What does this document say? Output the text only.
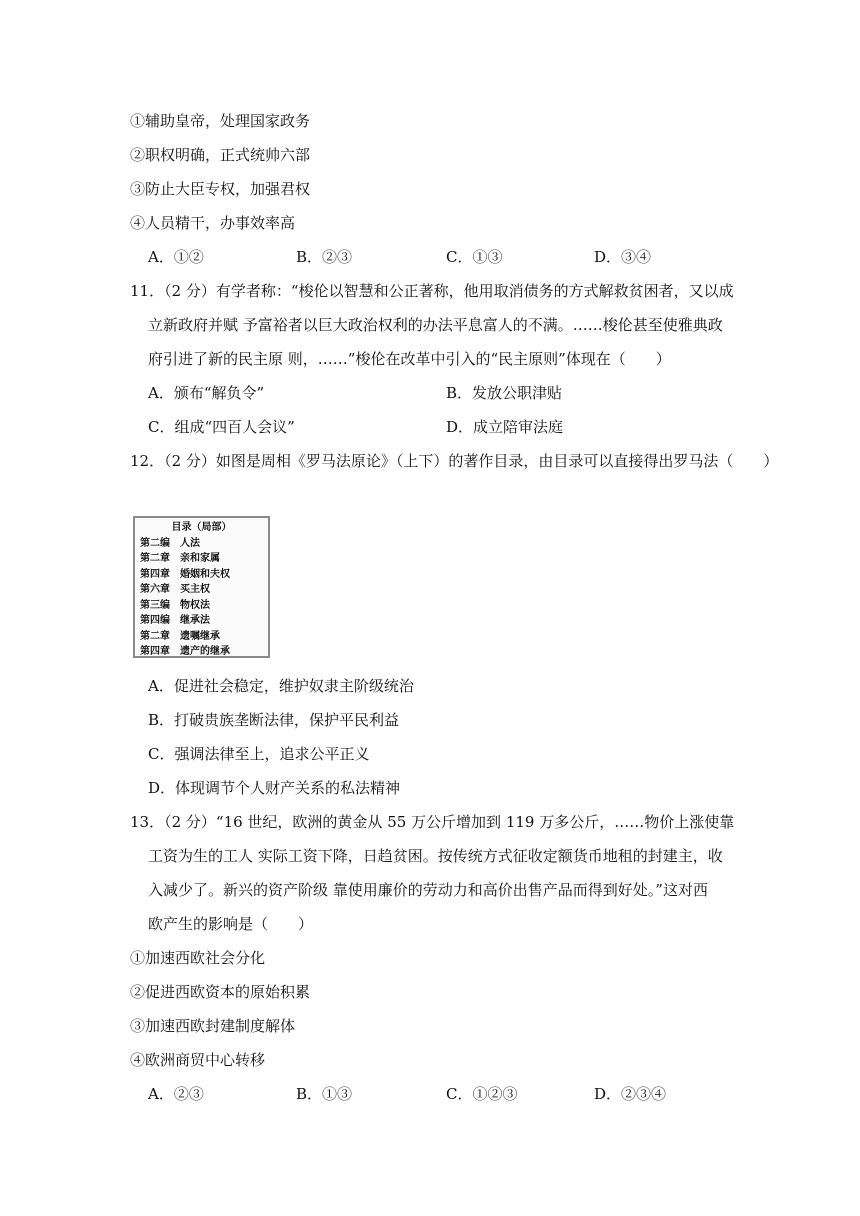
①辅助皇帝，处理国家政务
②职权明确，正式统帅六部
③防止大臣专权，加强君权
④人员精干，办事效率高
A．①②	B．②③	C．①③	D．③④
11．（2 分）有学者称：“梭伦以智慧和公正著称，他用取消债务的方式解救贫困者，又以成
立新政府并赋 予富裕者以巨大政治权利的办法平息富人的不满。……梭伦甚至使雅典政
府引进了新的民主原 则，……”梭伦在改革中引入的“民主原则”体现在（　　）
A．颁布“解负令”	B．发放公职津贴
C．组成“四百人会议”	D．成立陪审法庭
12．（2 分）如图是周相《罗马法原论》（上下）的著作目录，由目录可以直接得出罗马法（　　）
目录（局部）
第二编　人法
第二章　亲和家属
第四章　婚姻和夫权
第六章　买主权
第三编　物权法
第四编　继承法
第二章　遗嘱继承
第四章　遗产的继承
A．促进社会稳定，维护奴隶主阶级统治
B．打破贵族垄断法律，保护平民利益
C．强调法律至上，追求公平正义
D．体现调节个人财产关系的私法精神
13．（2 分）“16 世纪，欧洲的黄金从 55 万公斤增加到 119 万多公斤，……物价上涨使靠
工资为生的工人 实际工资下降，日趋贫困。按传统方式征收定额货币地租的封建主，收
入减少了。新兴的资产阶级 靠使用廉价的劳动力和高价出售产品而得到好处。”这对西
欧产生的影响是（　　）
①加速西欧社会分化
②促进西欧资本的原始积累
③加速西欧封建制度解体
④欧洲商贸中心转移
A．②③	B．①③	C．①②③	D．②③④
